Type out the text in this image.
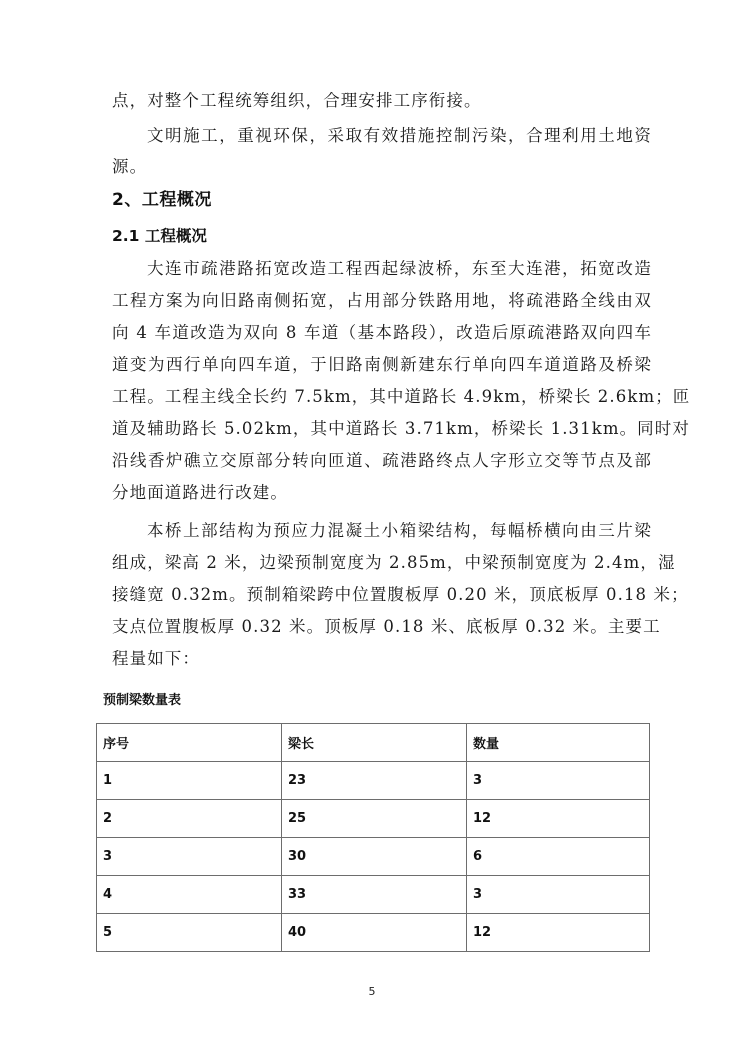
点，对整个工程统筹组织，合理安排工序衔接。
文明施工，重视环保，采取有效措施控制污染，合理利用土地资
源。
2、工程概况
2.1 工程概况
大连市疏港路拓宽改造工程西起绿波桥，东至大连港，拓宽改造
工程方案为向旧路南侧拓宽，占用部分铁路用地，将疏港路全线由双
向 4 车道改造为双向 8 车道（基本路段），改造后原疏港路双向四车
道变为西行单向四车道，于旧路南侧新建东行单向四车道道路及桥梁
工程。工程主线全长约 7.5km，其中道路长 4.9km，桥梁长 2.6km；匝
道及辅助路长 5.02km，其中道路长 3.71km，桥梁长 1.31km。同时对
沿线香炉礁立交原部分转向匝道、疏港路终点人字形立交等节点及部
分地面道路进行改建。
本桥上部结构为预应力混凝土小箱梁结构，每幅桥横向由三片梁
组成，梁高 2 米，边梁预制宽度为 2.85m，中梁预制宽度为 2.4m，湿
接缝宽 0.32m。预制箱梁跨中位置腹板厚 0.20 米，顶底板厚 0.18 米；
支点位置腹板厚 0.32 米。顶板厚 0.18 米、底板厚 0.32 米。主要工
程量如下：
预制梁数量表
序号	梁长	数量
1	23	3
2	25	12
3	30	6
4	33	3
5	40	12
5
